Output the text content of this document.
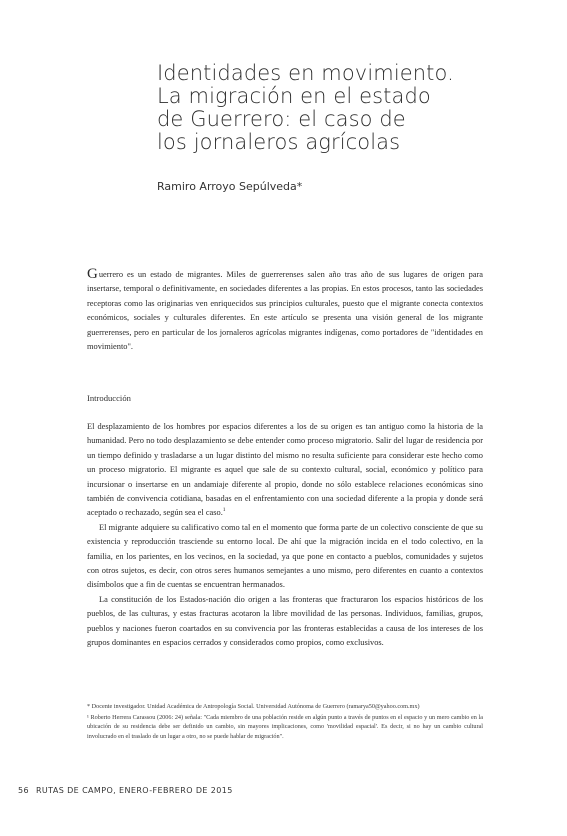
Identidades en movimiento.
La migración en el estado
de Guerrero: el caso de
los jornaleros agrícolas
Ramiro Arroyo Sepúlveda*
Guerrero es un estado de migrantes. Miles de guerrerenses salen año tras año de sus lugares de origen para insertarse, temporal o definitivamente, en sociedades diferentes a las propias. En estos procesos, tanto las sociedades receptoras como las originarias ven enriquecidos sus principios culturales, puesto que el migrante conecta contextos económicos, sociales y culturales diferentes. En este artículo se presenta una visión general de los migrante guerrerenses, pero en particular de los jornaleros agrícolas migrantes indígenas, como portadores de "identidades en movimiento".
Introducción

El desplazamiento de los hombres por espacios diferentes a los de su origen es tan antiguo como la historia de la humanidad. Pero no todo desplazamiento se debe entender como proceso migratorio. Salir del lugar de residencia por un tiempo definido y trasladarse a un lugar distinto del mismo no resulta suficiente para considerar este hecho como un proceso migratorio. El migrante es aquel que sale de su contexto cultural, social, económico y político para incursionar o insertarse en un andamiaje diferente al propio, donde no sólo establece relaciones económicas sino también de convivencia cotidiana, basadas en el enfrentamiento con una sociedad diferente a la propia y donde será aceptado o rechazado, según sea el caso.$^1$

El migrante adquiere su calificativo como tal en el momento que forma parte de un colectivo consciente de que su existencia y reproducción trasciende su entorno local. De ahí que la migración incida en el todo colectivo, en la familia, en los parientes, en los vecinos, en la sociedad, ya que pone en contacto a pueblos, comunidades y sujetos con otros sujetos, es decir, con otros seres humanos semejantes a uno mismo, pero diferentes en cuanto a contextos disímbolos que a fin de cuentas se encuentran hermanados.

La constitución de los Estados-nación dio origen a las fronteras que fracturaron los espacios históricos de los pueblos, de las culturas, y estas fracturas acotaron la libre movilidad de las personas. Individuos, familias, grupos, pueblos y naciones fueron coartados en su convivencia por las fronteras establecidas a causa de los intereses de los grupos dominantes en espacios cerrados y considerados como propios, como exclusivos.

* Docente investigador. Unidad Académica de Antropología Social. Universidad Autónoma de Guerrero (ramarya50@yahoo.com.mx)

¹ Roberto Herrera Carassou (2006: 24) señala: "Cada miembro de una población reside en algún punto a través de puntos en el espacio y un mero cambio en la ubicación de su residencia debe ser definido un cambio, sin mayores implicaciones, como 'movilidad espacial'. Es decir, si no hay un cambio cultural involucrado en el traslado de un lugar a otro, no se puede hablar de migración".

56 RUTAS DE CAMPO, ENERO-FEBRERO DE 2015
